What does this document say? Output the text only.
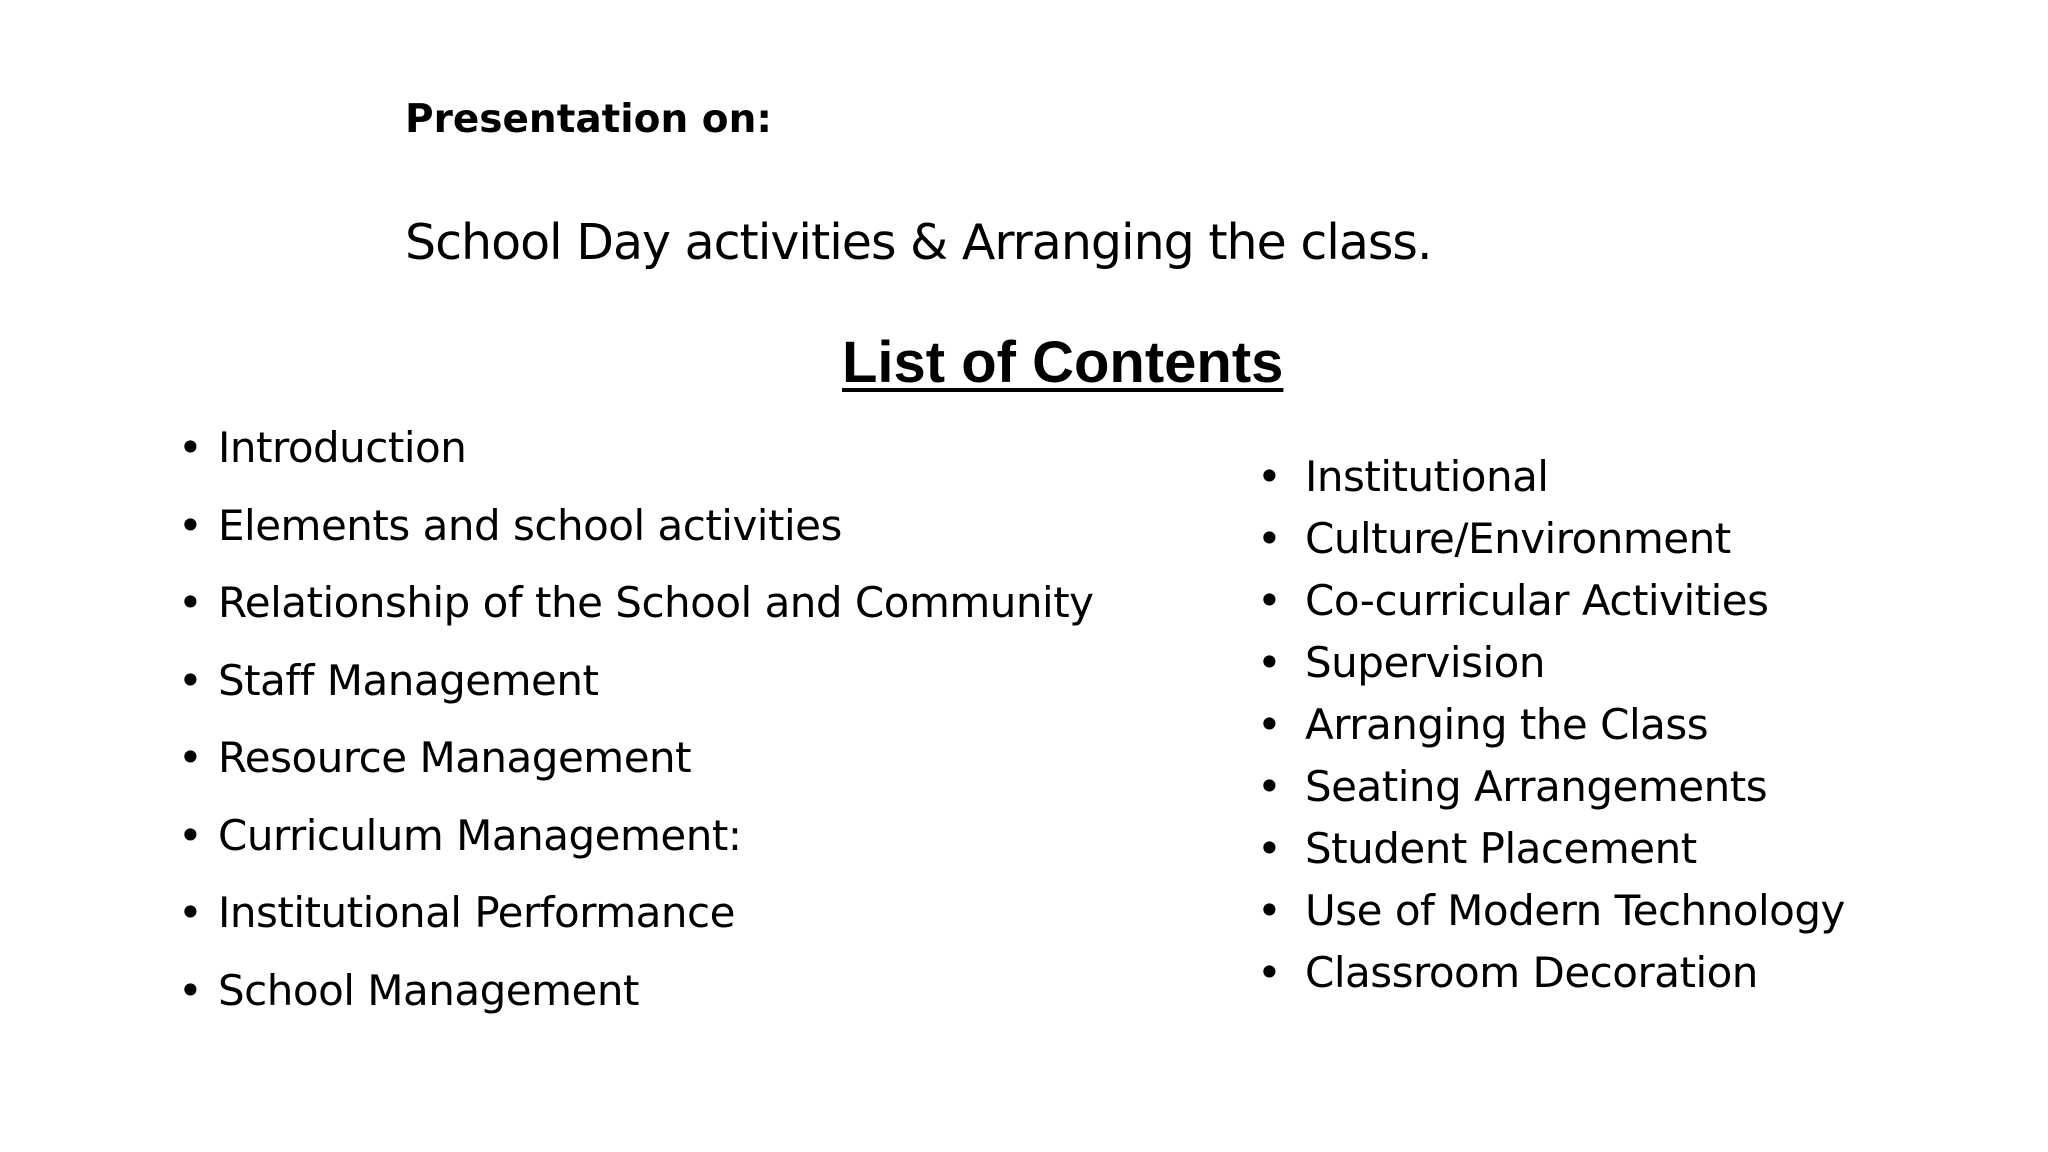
Presentation on:
School Day activities & Arranging the class.
List of Contents
• Introduction
• Elements and school activities
• Relationship of the School and Community
• Staff Management
• Resource Management
• Curriculum Management:
• Institutional Performance
• School Management
• Institutional
• Culture/Environment
• Co-curricular Activities
• Supervision
• Arranging the Class
• Seating Arrangements
• Student Placement
• Use of Modern Technology
• Classroom Decoration
